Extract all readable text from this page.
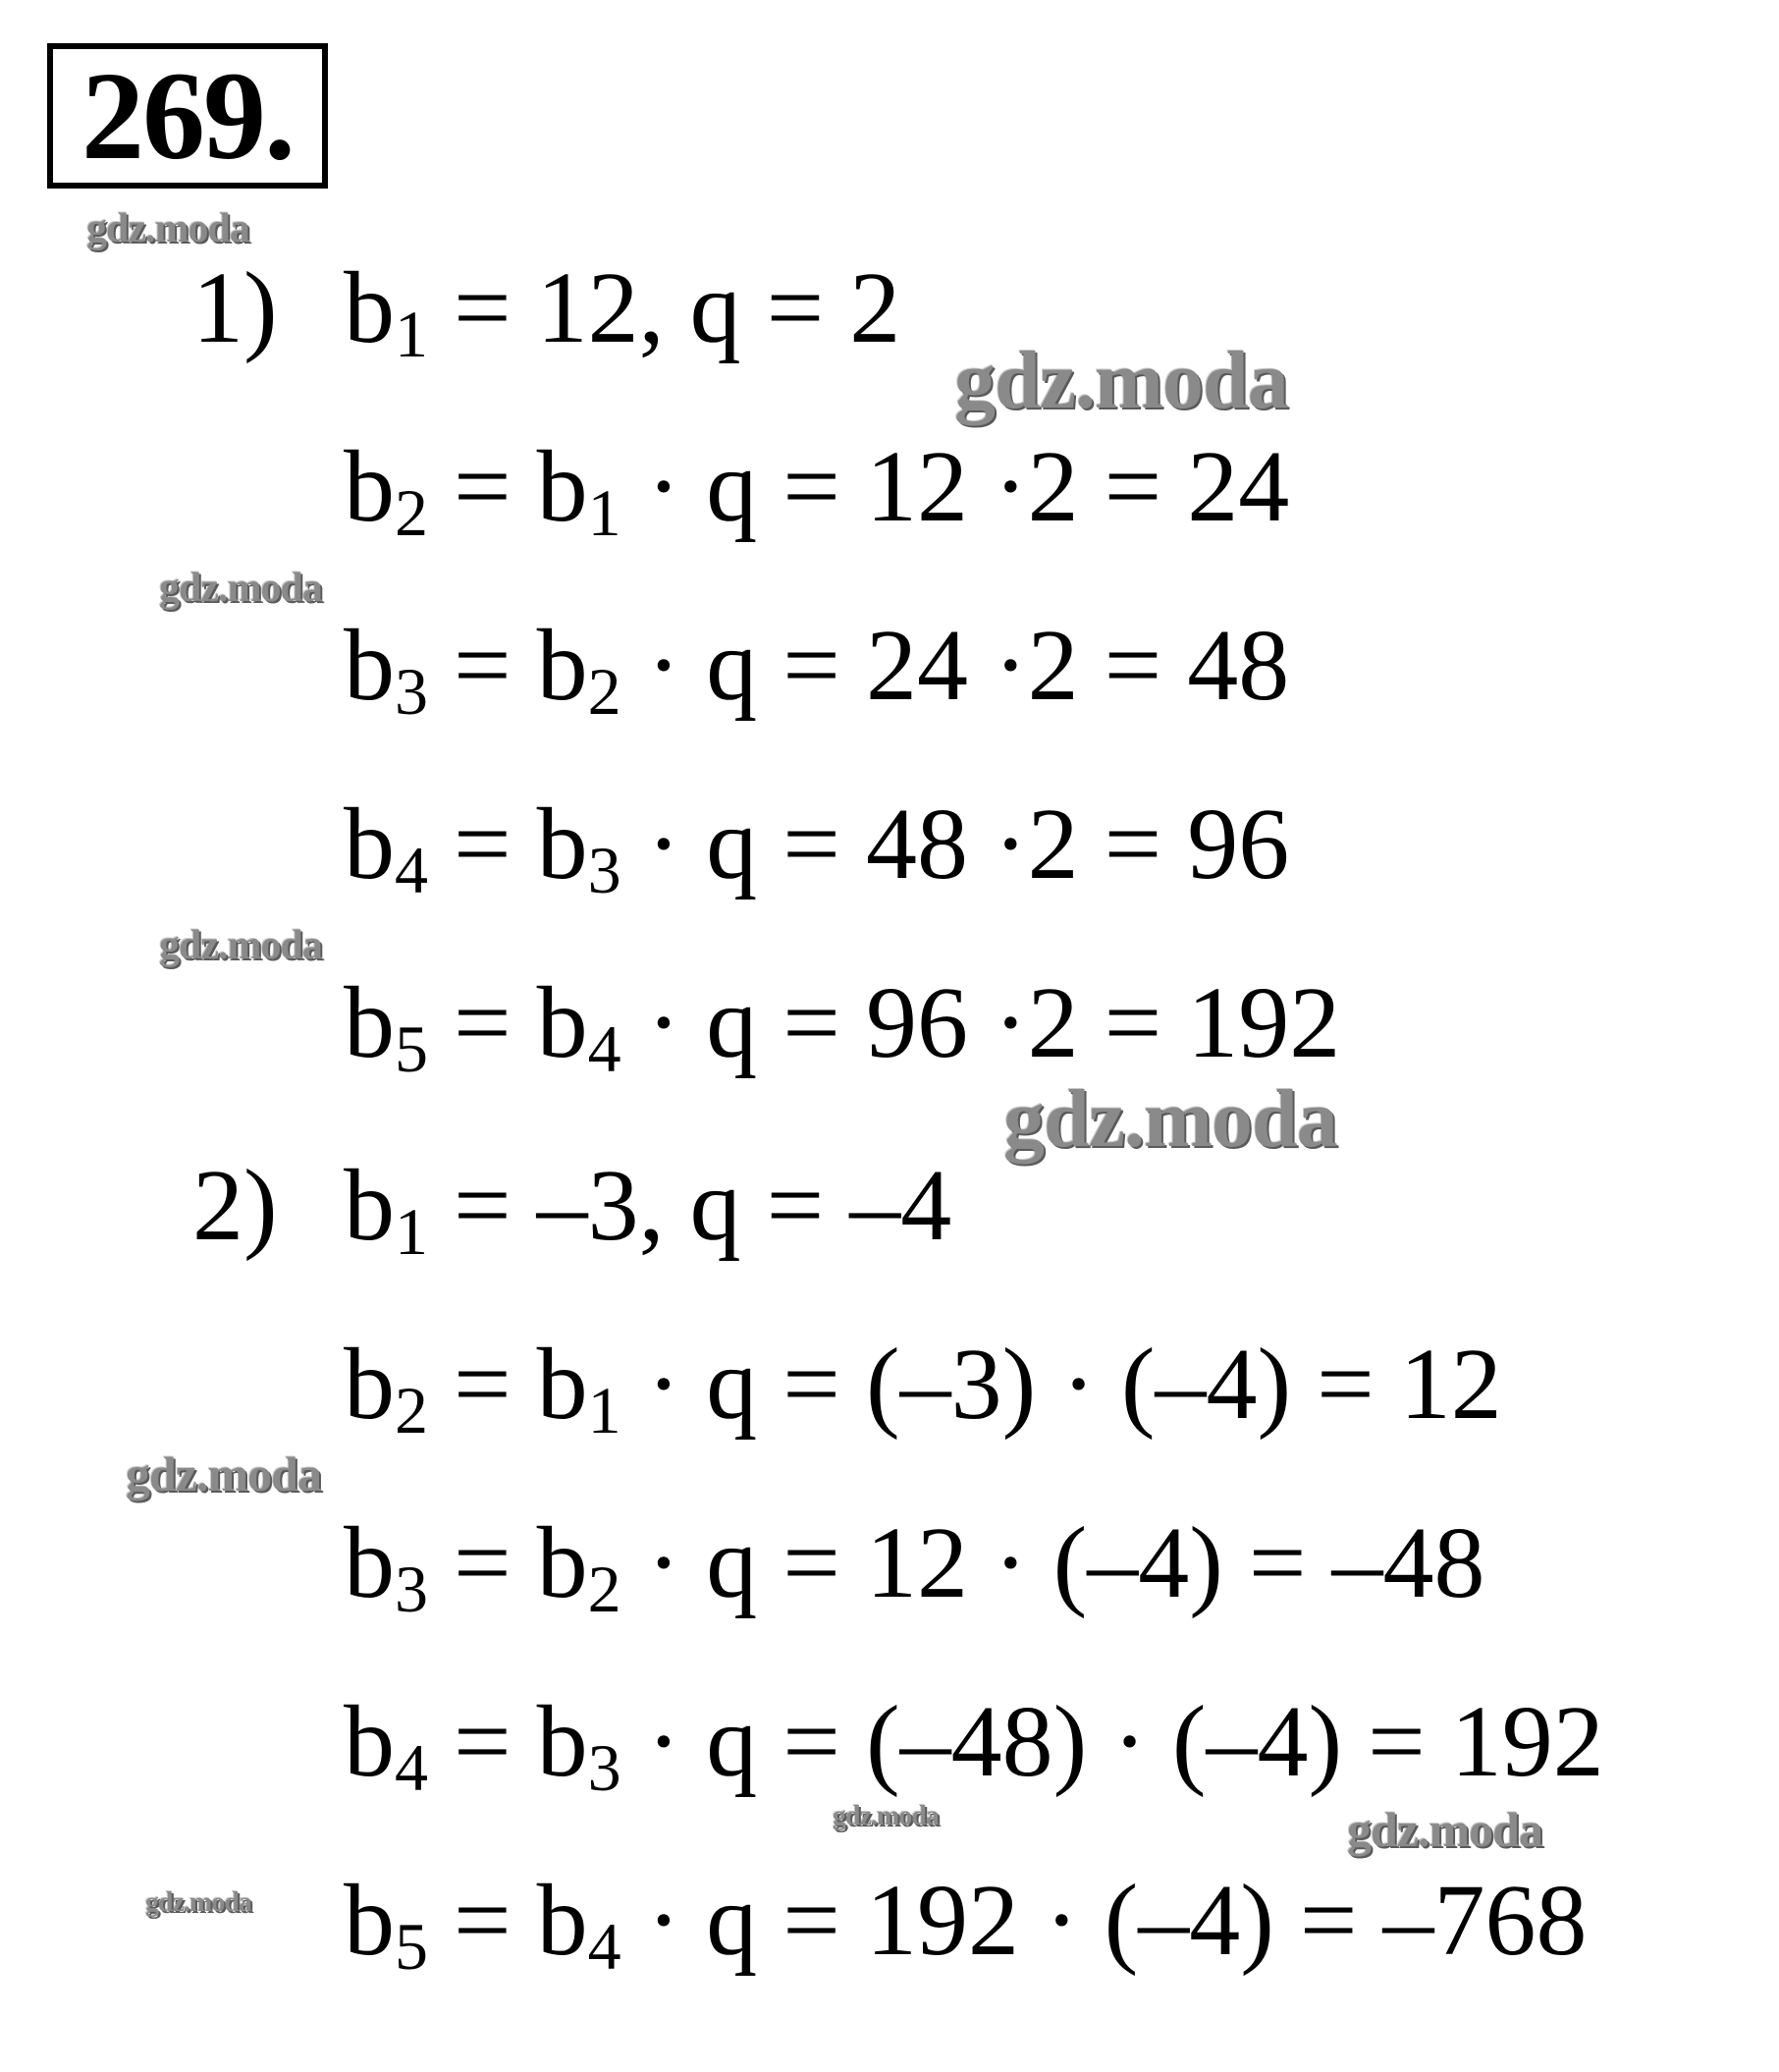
269.
gdz.moda
gdz.moda
gdz.moda
gdz.moda
gdz.moda
gdz.moda
gdz.moda	gdz.moda
gdz.moda
1) $b_1 = 12$, q = 2
$b_2 = b_1 \cdot q = 12 \cdot 2 = 24$
$b_3 = b_2 \cdot q = 24 \cdot 2 = 48$
$b_4 = b_3 \cdot q = 48 \cdot 2 = 96$
$b_5 = b_4 \cdot q = 96 \cdot 2 = 192$
2) $b_1 = -3$, q = –4
$b_2 = b_1 \cdot q = (-3) \cdot (-4) = 12$
$b_3 = b_2 \cdot q = 12 \cdot (-4) = -48$
$b_4 = b_3 \cdot q = (-48) \cdot (-4) = 192$
$b_5 = b_4 \cdot q = 192 \cdot (-4) = -768$
